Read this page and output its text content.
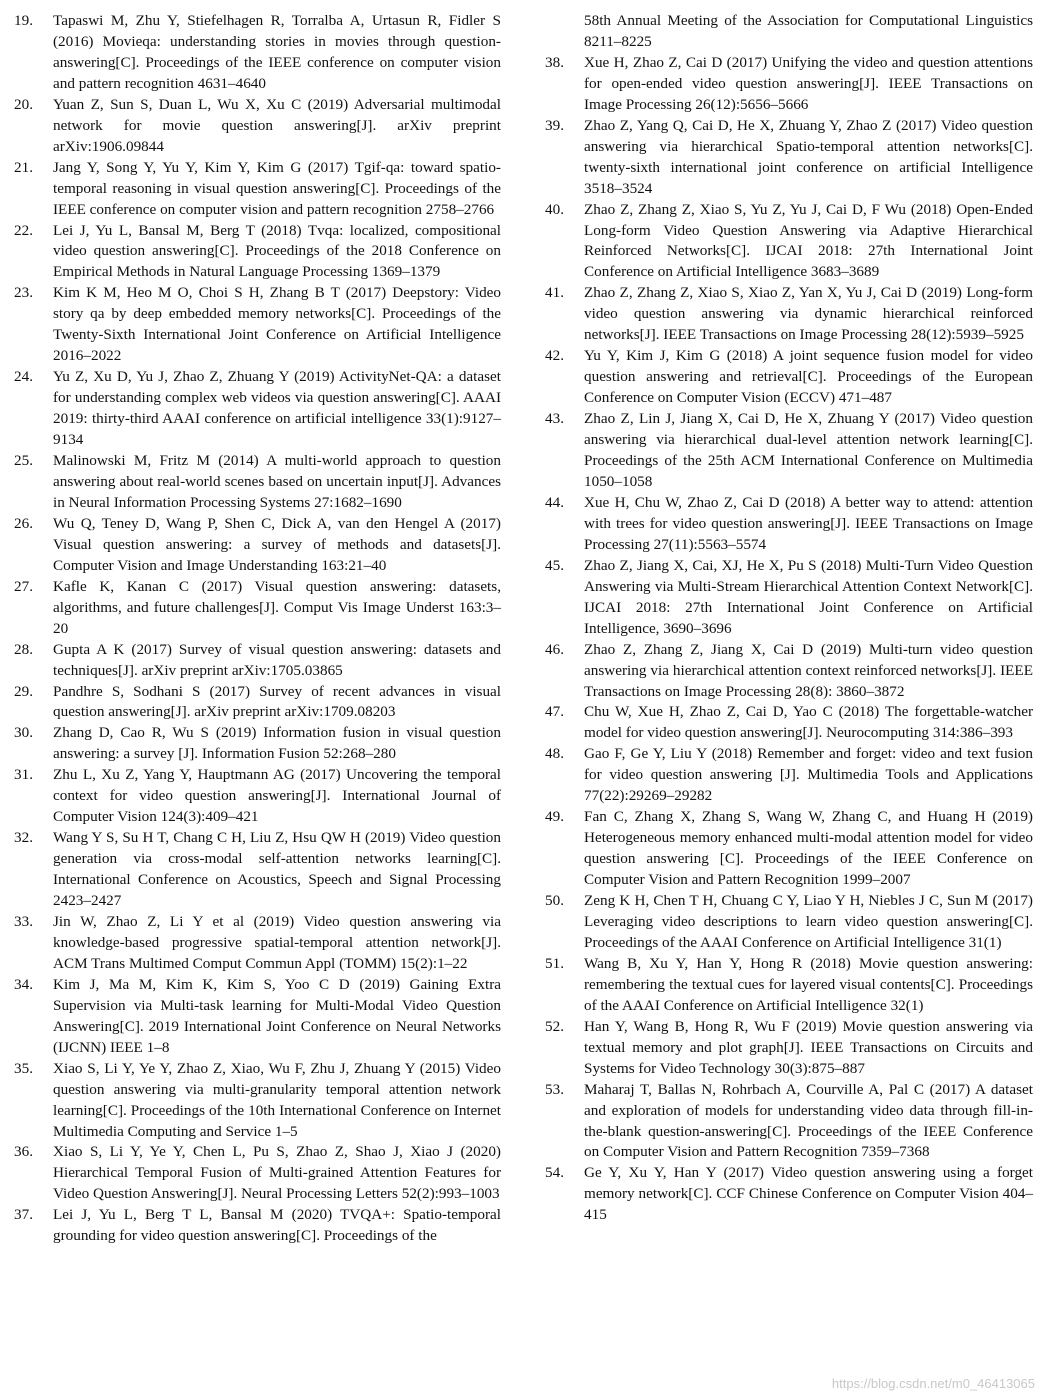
19.	Tapaswi M, Zhu Y, Stiefelhagen R, Torralba A, Urtasun R, Fidler S (2016) Movieqa: understanding stories in movies through question-answering[C]. Proceedings of the IEEE conference on computer vision and pattern recognition 4631–4640
20.	Yuan Z, Sun S, Duan L, Wu X, Xu C (2019) Adversarial multimodal network for movie question answering[J]. arXiv preprint arXiv:1906.09844
21.	Jang Y, Song Y, Yu Y, Kim Y, Kim G (2017) Tgif-qa: toward spatio-temporal reasoning in visual question answering[C]. Proceedings of the IEEE conference on computer vision and pattern recognition 2758–2766
22.	Lei J, Yu L, Bansal M, Berg T (2018) Tvqa: localized, compositional video question answering[C]. Proceedings of the 2018 Conference on Empirical Methods in Natural Language Processing 1369–1379
23.	Kim K M, Heo M O, Choi S H, Zhang B T (2017) Deepstory: Video story qa by deep embedded memory networks[C]. Proceedings of the Twenty-Sixth International Joint Conference on Artificial Intelligence 2016–2022
24.	Yu Z, Xu D, Yu J, Zhao Z, Zhuang Y (2019) ActivityNet-QA: a dataset for understanding complex web videos via question answering[C]. AAAI 2019: thirty-third AAAI conference on artificial intelligence 33(1):9127–9134
25.	Malinowski M, Fritz M (2014) A multi-world approach to question answering about real-world scenes based on uncertain input[J]. Advances in Neural Information Processing Systems 27:1682–1690
26.	Wu Q, Teney D, Wang P, Shen C, Dick A, van den Hengel A (2017) Visual question answering: a survey of methods and datasets[J]. Computer Vision and Image Understanding 163:21–40
27.	Kafle K, Kanan C (2017) Visual question answering: datasets, algorithms, and future challenges[J]. Comput Vis Image Underst 163:3–20
28.	Gupta A K (2017) Survey of visual question answering: datasets and techniques[J]. arXiv preprint arXiv:1705.03865
29.	Pandhre S, Sodhani S (2017) Survey of recent advances in visual question answering[J]. arXiv preprint arXiv:1709.08203
30.	Zhang D, Cao R, Wu S (2019) Information fusion in visual question answering: a survey [J]. Information Fusion 52:268–280
31.	Zhu L, Xu Z, Yang Y, Hauptmann AG (2017) Uncovering the temporal context for video question answering[J]. International Journal of Computer Vision 124(3):409–421
32.	Wang Y S, Su H T, Chang C H, Liu Z, Hsu QW H (2019) Video question generation via cross-modal self-attention networks learning[C]. International Conference on Acoustics, Speech and Signal Processing 2423–2427
33.	Jin W, Zhao Z, Li Y et al (2019) Video question answering via knowledge-based progressive spatial-temporal attention network[J]. ACM Trans Multimed Comput Commun Appl (TOMM) 15(2):1–22
34.	Kim J, Ma M, Kim K, Kim S, Yoo C D (2019) Gaining Extra Supervision via Multi-task learning for Multi-Modal Video Question Answering[C]. 2019 International Joint Conference on Neural Networks (IJCNN) IEEE 1–8
35.	Xiao S, Li Y, Ye Y, Zhao Z, Xiao, Wu F, Zhu J, Zhuang Y (2015) Video question answering via multi-granularity temporal attention network learning[C]. Proceedings of the 10th International Conference on Internet Multimedia Computing and Service 1–5
36.	Xiao S, Li Y, Ye Y, Chen L, Pu S, Zhao Z, Shao J, Xiao J (2020) Hierarchical Temporal Fusion of Multi-grained Attention Features for Video Question Answering[J]. Neural Processing Letters 52(2):993–1003
37.	Lei J, Yu L, Berg T L, Bansal M (2020) TVQA+: Spatio-temporal grounding for video question answering[C]. Proceedings of the
58th Annual Meeting of the Association for Computational Linguistics 8211–8225
38.	Xue H, Zhao Z, Cai D (2017) Unifying the video and question attentions for open-ended video question answering[J]. IEEE Transactions on Image Processing 26(12):5656–5666
39.	Zhao Z, Yang Q, Cai D, He X, Zhuang Y, Zhao Z (2017) Video question answering via hierarchical Spatio-temporal attention networks[C]. twenty-sixth international joint conference on artificial Intelligence 3518–3524
40.	Zhao Z, Zhang Z, Xiao S, Yu Z, Yu J, Cai D, F Wu (2018) Open-Ended Long-form Video Question Answering via Adaptive Hierarchical Reinforced Networks[C]. IJCAI 2018: 27th International Joint Conference on Artificial Intelligence 3683–3689
41.	Zhao Z, Zhang Z, Xiao S, Xiao Z, Yan X, Yu J, Cai D (2019) Long-form video question answering via dynamic hierarchical reinforced networks[J]. IEEE Transactions on Image Processing 28(12):5939–5925
42.	Yu Y, Kim J, Kim G (2018) A joint sequence fusion model for video question answering and retrieval[C]. Proceedings of the European Conference on Computer Vision (ECCV) 471–487
43.	Zhao Z, Lin J, Jiang X, Cai D, He X, Zhuang Y (2017) Video question answering via hierarchical dual-level attention network learning[C]. Proceedings of the 25th ACM International Conference on Multimedia 1050–1058
44.	Xue H, Chu W, Zhao Z, Cai D (2018) A better way to attend: attention with trees for video question answering[J]. IEEE Transactions on Image Processing 27(11):5563–5574
45.	Zhao Z, Jiang X, Cai, XJ, He X, Pu S (2018) Multi-Turn Video Question Answering via Multi-Stream Hierarchical Attention Context Network[C]. IJCAI 2018: 27th International Joint Conference on Artificial Intelligence, 3690–3696
46.	Zhao Z, Zhang Z, Jiang X, Cai D (2019) Multi-turn video question answering via hierarchical attention context reinforced networks[J]. IEEE Transactions on Image Processing 28(8): 3860–3872
47.	Chu W, Xue H, Zhao Z, Cai D, Yao C (2018) The forgettable-watcher model for video question answering[J]. Neurocomputing 314:386–393
48.	Gao F, Ge Y, Liu Y (2018) Remember and forget: video and text fusion for video question answering [J]. Multimedia Tools and Applications 77(22):29269–29282
49.	Fan C, Zhang X, Zhang S, Wang W, Zhang C, and Huang H (2019) Heterogeneous memory enhanced multi-modal attention model for video question answering [C]. Proceedings of the IEEE Conference on Computer Vision and Pattern Recognition 1999–2007
50.	Zeng K H, Chen T H, Chuang C Y, Liao Y H, Niebles J C, Sun M (2017) Leveraging video descriptions to learn video question answering[C]. Proceedings of the AAAI Conference on Artificial Intelligence 31(1)
51.	Wang B, Xu Y, Han Y, Hong R (2018) Movie question answering: remembering the textual cues for layered visual contents[C]. Proceedings of the AAAI Conference on Artificial Intelligence 32(1)
52.	Han Y, Wang B, Hong R, Wu F (2019) Movie question answering via textual memory and plot graph[J]. IEEE Transactions on Circuits and Systems for Video Technology 30(3):875–887
53.	Maharaj T, Ballas N, Rohrbach A, Courville A, Pal C (2017) A dataset and exploration of models for understanding video data through fill-in-the-blank question-answering[C]. Proceedings of the IEEE Conference on Computer Vision and Pattern Recognition 7359–7368
54.	Ge Y, Xu Y, Han Y (2017) Video question answering using a forget memory network[C]. CCF Chinese Conference on Computer Vision 404–415
https://blog.csdn.net/m0_46413065
